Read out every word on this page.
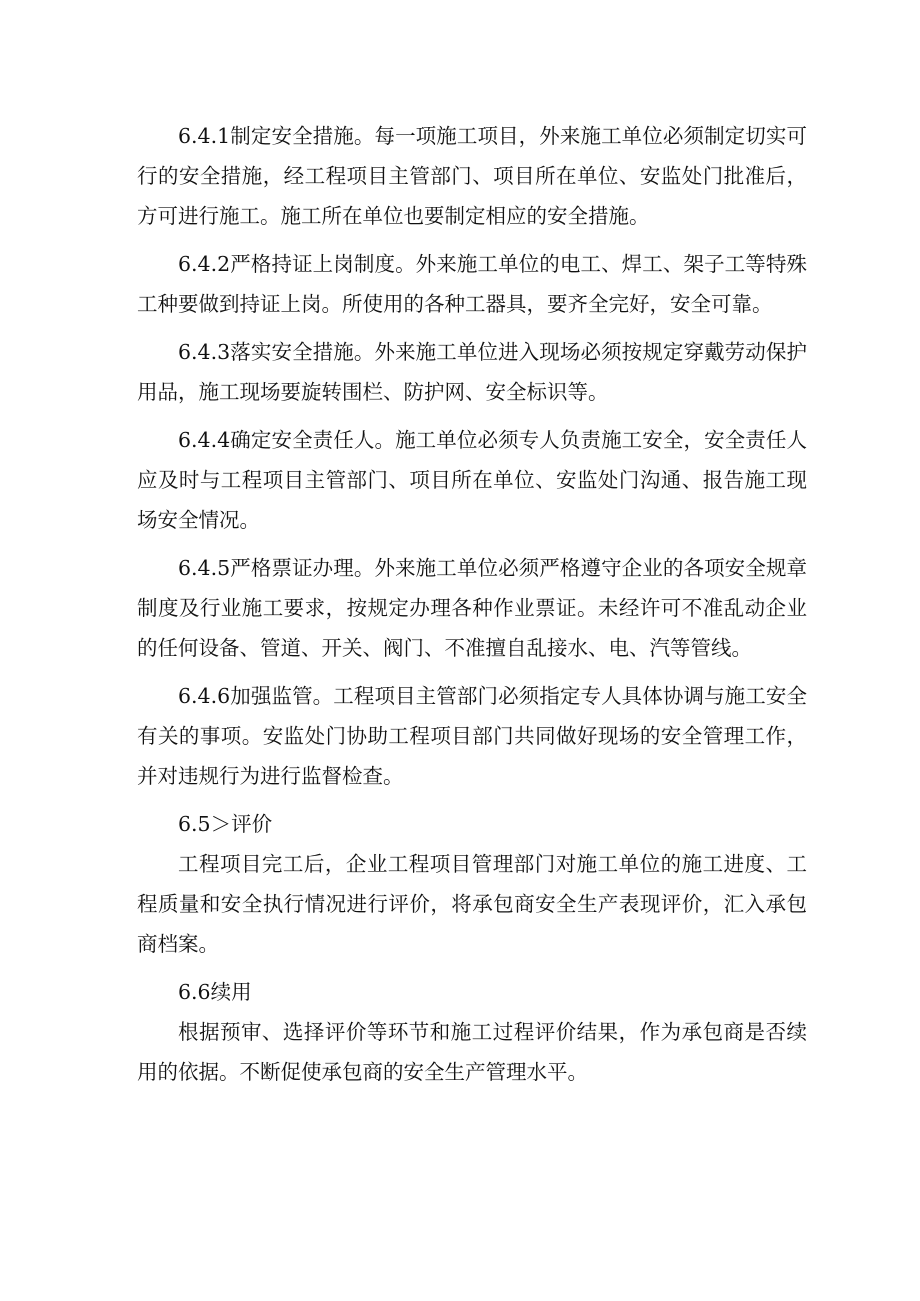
6.4.1制定安全措施。每一项施工项目，外来施工单位必须制定切实可行的安全措施，经工程项目主管部门、项目所在单位、安监处门批准后，方可进行施工。施工所在单位也要制定相应的安全措施。

6.4.2严格持证上岗制度。外来施工单位的电工、焊工、架子工等特殊工种要做到持证上岗。所使用的各种工器具，要齐全完好，安全可靠。

6.4.3落实安全措施。外来施工单位进入现场必须按规定穿戴劳动保护用品，施工现场要旋转围栏、防护网、安全标识等。

6.4.4确定安全责任人。施工单位必须专人负责施工安全，安全责任人应及时与工程项目主管部门、项目所在单位、安监处门沟通、报告施工现场安全情况。

6.4.5严格票证办理。外来施工单位必须严格遵守企业的各项安全规章制度及行业施工要求，按规定办理各种作业票证。未经许可不准乱动企业的任何设备、管道、开关、阀门、不准擅自乱接水、电、汽等管线。

6.4.6加强监管。工程项目主管部门必须指定专人具体协调与施工安全有关的事项。安监处门协助工程项目部门共同做好现场的安全管理工作，并对违规行为进行监督检查。

6.5＞评价

工程项目完工后，企业工程项目管理部门对施工单位的施工进度、工程质量和安全执行情况进行评价，将承包商安全生产表现评价，汇入承包商档案。

6.6续用

根据预审、选择评价等环节和施工过程评价结果，作为承包商是否续用的依据。不断促使承包商的安全生产管理水平。
